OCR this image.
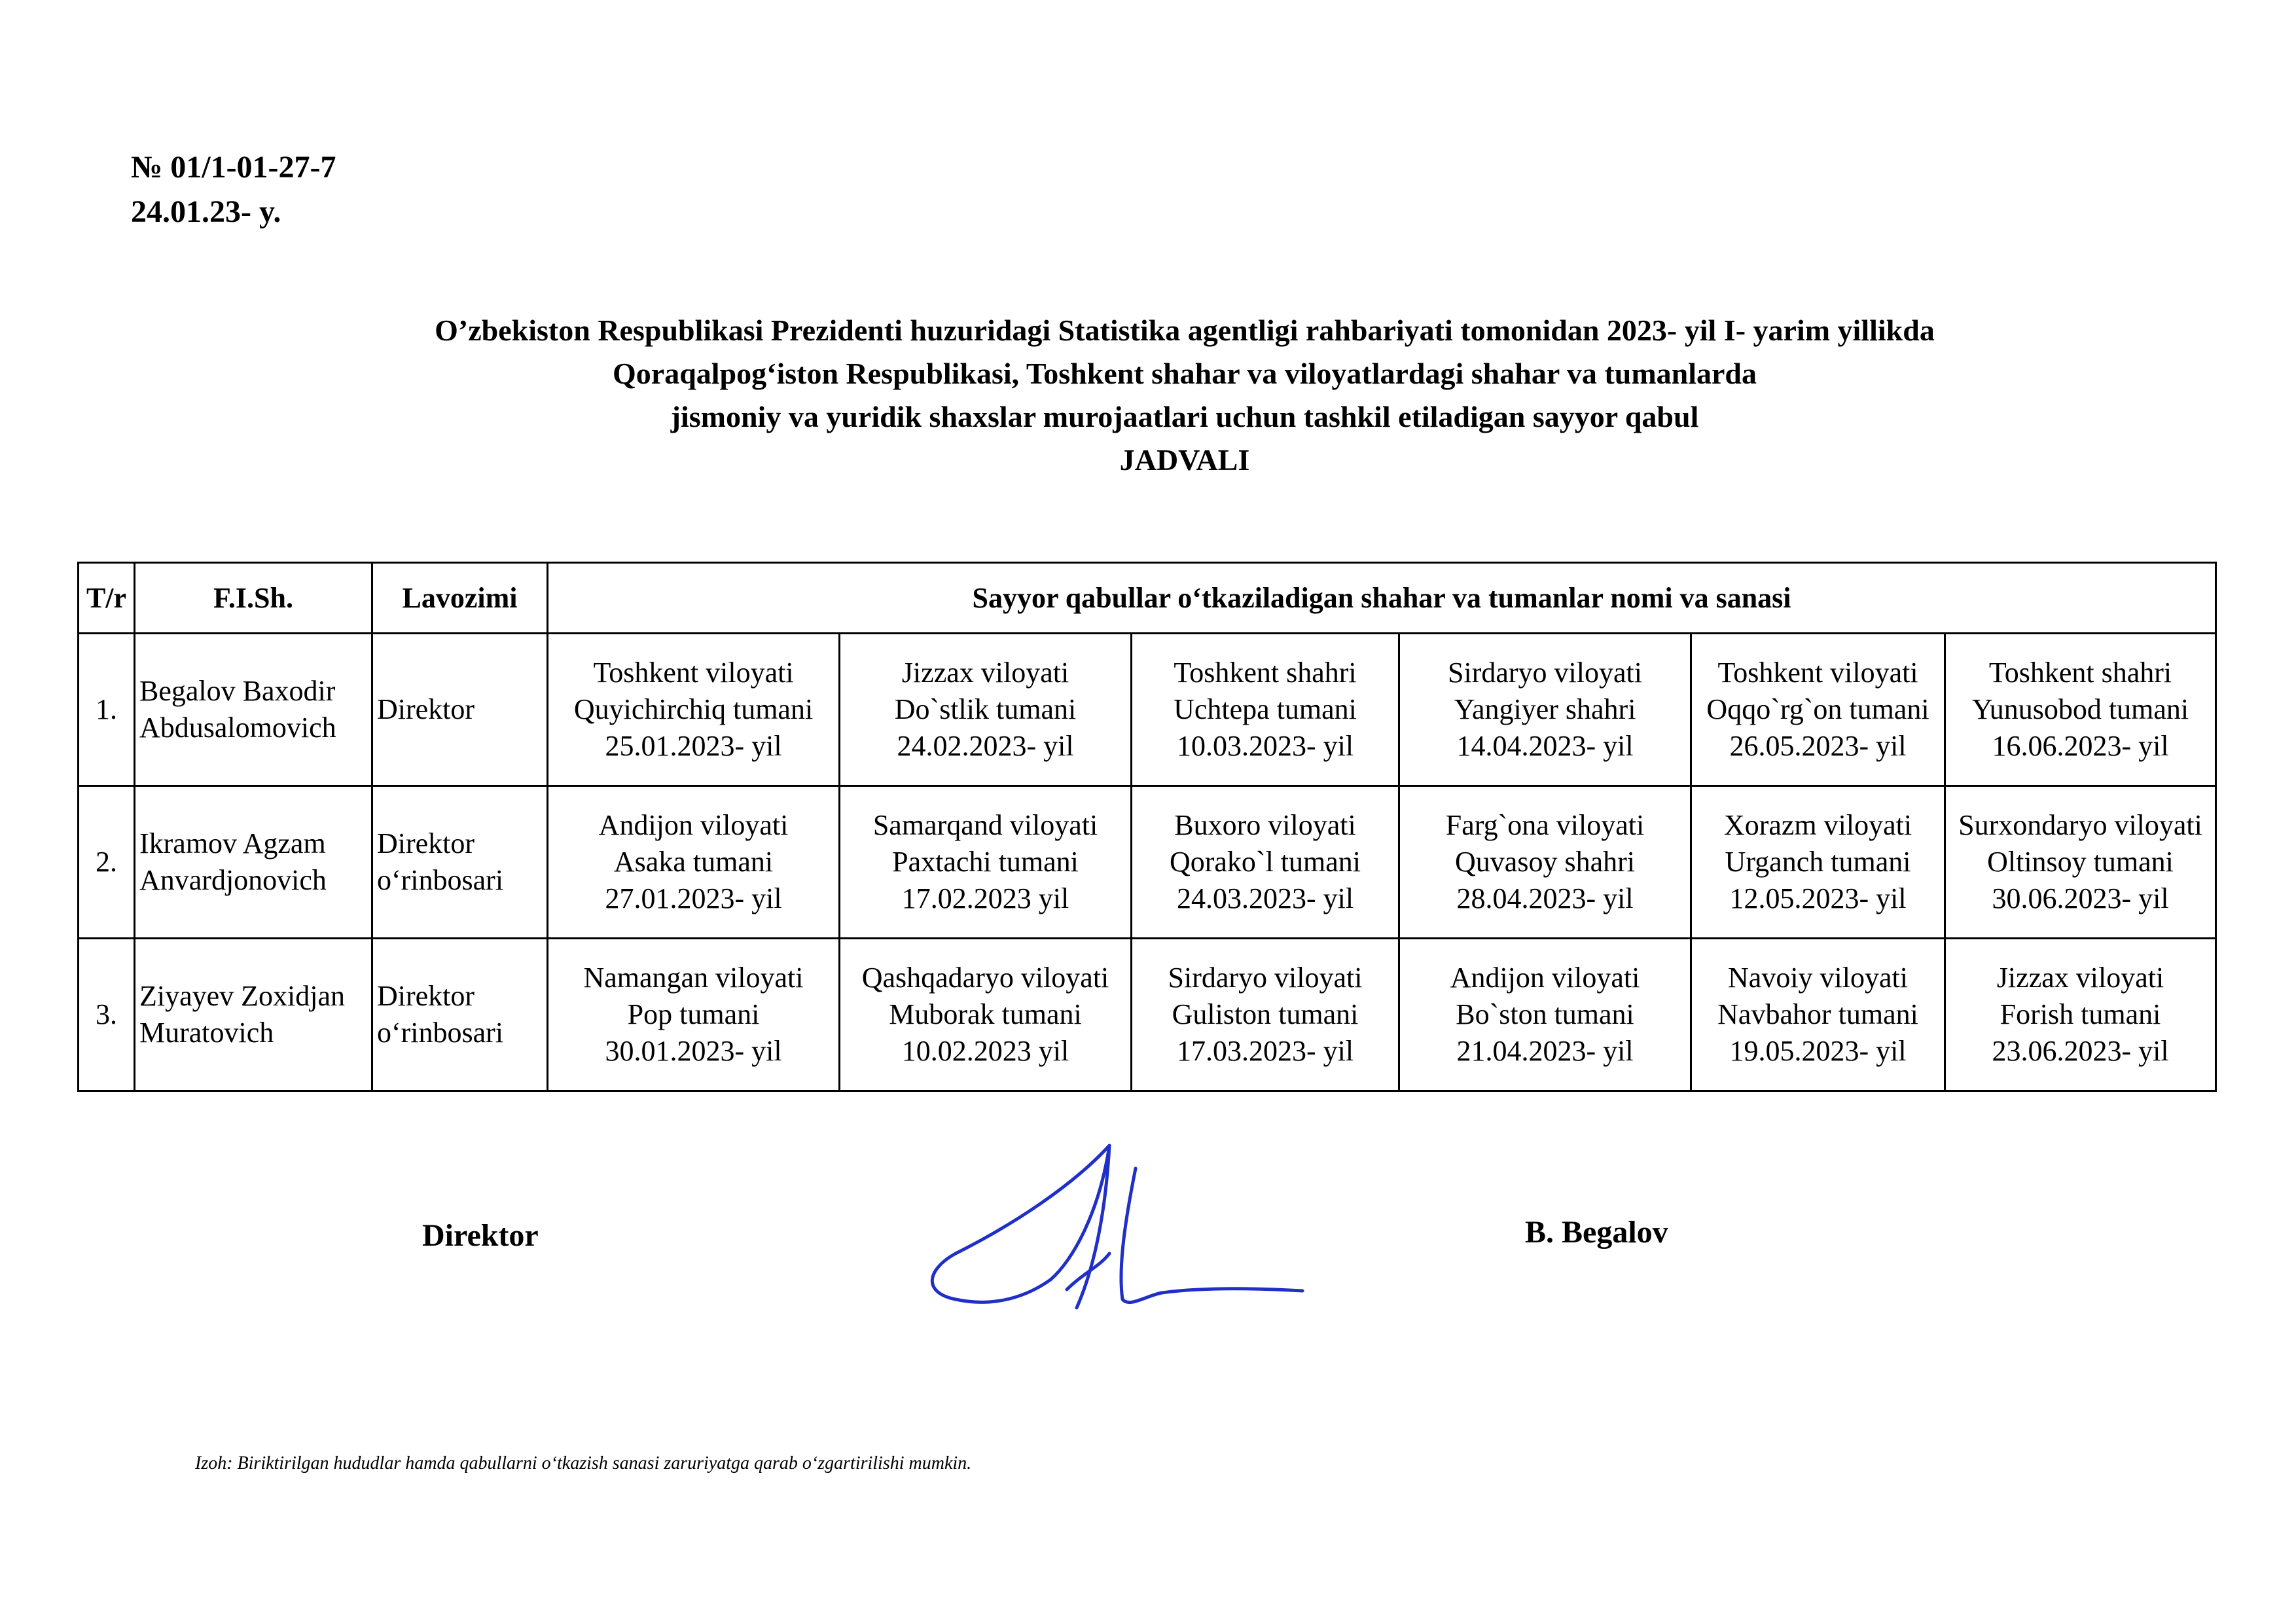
№ 01/1-01-27-7
24.01.23- y.
O’zbekiston Respublikasi Prezidenti huzuridagi Statistika agentligi rahbariyati tomonidan 2023- yil I- yarim yillikda
Qoraqalpog‘iston Respublikasi, Toshkent shahar va viloyatlardagi shahar va tumanlarda
jismoniy va yuridik shaxslar murojaatlari uchun tashkil etiladigan sayyor qabul
JADVALI
T/r	F.I.Sh.	Lavozimi	Sayyor qabullar o‘tkaziladigan shahar va tumanlar nomi va sanasi					
1.	Begalov Baxodir Abdusalomovich	Direktor	Toshkent viloyati
Quyichirchiq tumani
25.01.2023- yil	Jizzax viloyati
Do`stlik tumani
24.02.2023- yil	Toshkent shahri
Uchtepa tumani
10.03.2023- yil	Sirdaryo viloyati
Yangiyer shahri
14.04.2023- yil	Toshkent viloyati
Oqqo`rg`on tumani
26.05.2023- yil	Toshkent shahri
Yunusobod tumani
16.06.2023- yil

2.	Ikramov Agzam Anvardjonovich	Direktor o‘rinbosari	Andijon viloyati
Asaka tumani
27.01.2023- yil	Samarqand viloyati
Paxtachi tumani
17.02.2023 yil	Buxoro viloyati
Qorako`l tumani
24.03.2023- yil	Farg`ona viloyati
Quvasoy shahri
28.04.2023- yil	Xorazm viloyati
Urganch tumani
12.05.2023- yil	Surxondaryo viloyati
Oltinsoy tumani
30.06.2023- yil

3.	Ziyayev Zoxidjan Muratovich	Direktor o‘rinbosari	Namangan viloyati
Pop tumani
30.01.2023- yil	Qashqadaryo viloyati
Muborak tumani
10.02.2023 yil	Sirdaryo viloyati
Guliston tumani
17.03.2023- yil	Andijon viloyati
Bo`ston tumani
21.04.2023- yil	Navoiy viloyati
Navbahor tumani
19.05.2023- yil	Jizzax viloyati
Forish tumani
23.06.2023- yil
Direktor	B. Begalov
Izoh: Biriktirilgan hududlar hamda qabullarni o‘tkazish sanasi zaruriyatga qarab o‘zgartirilishi mumkin.
